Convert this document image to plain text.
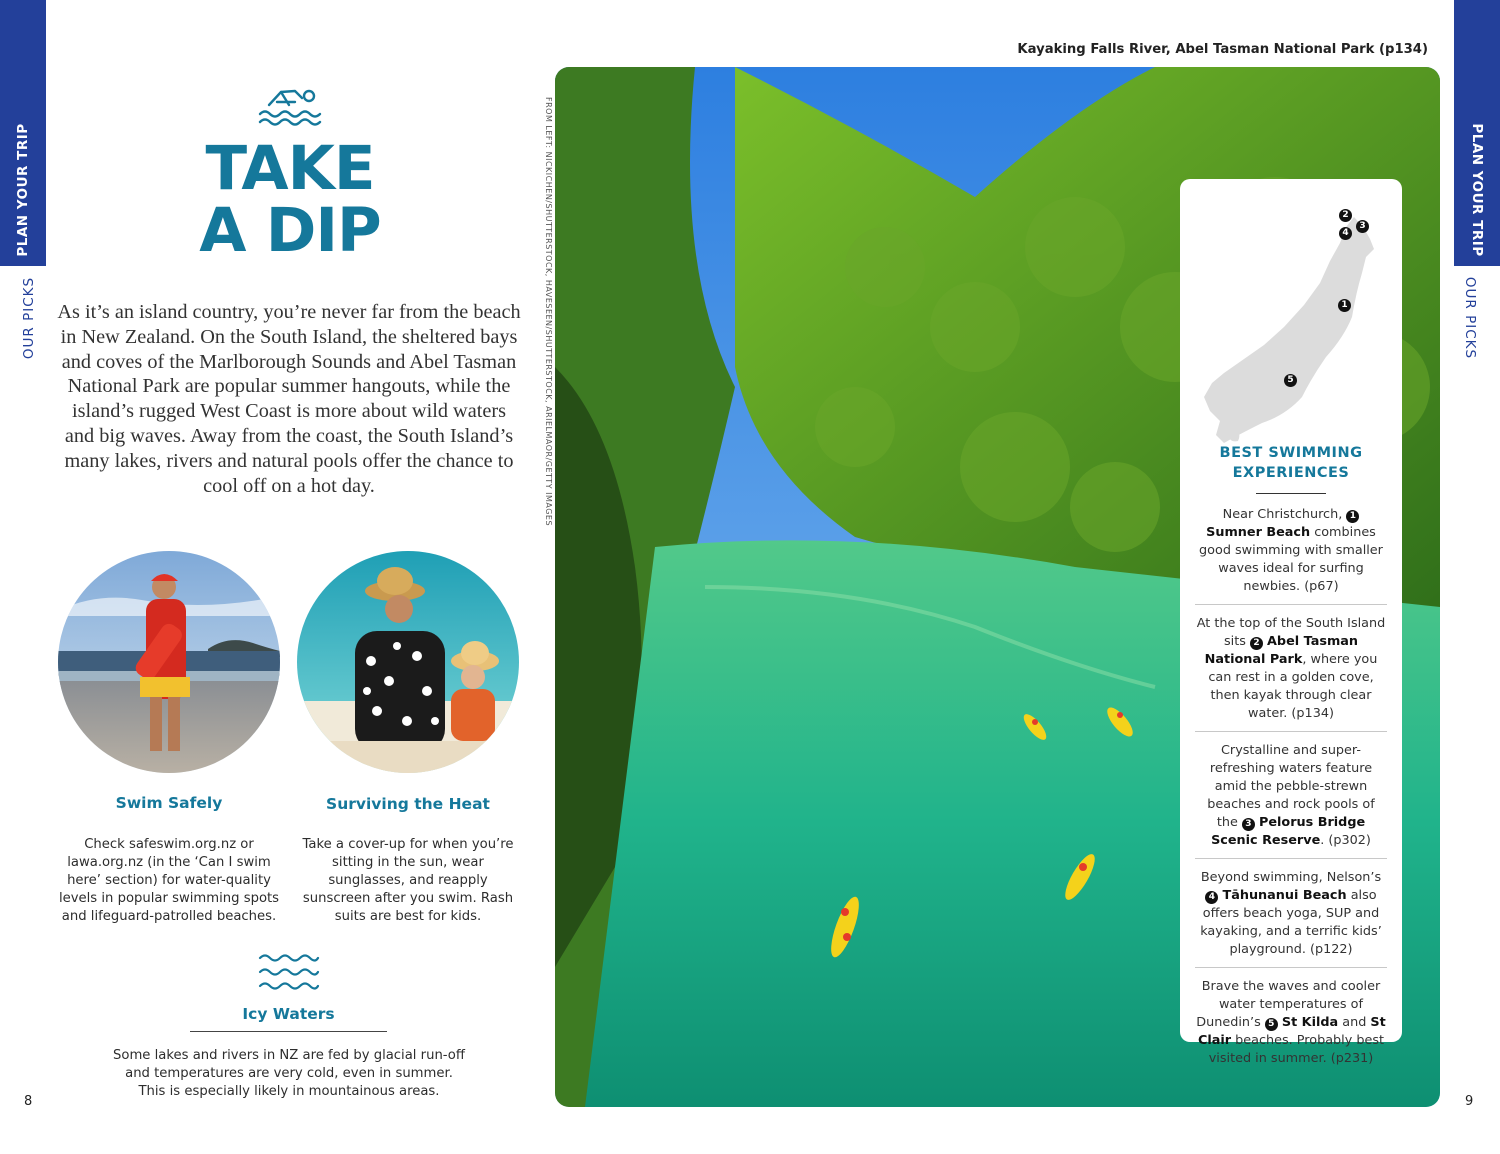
PLAN YOUR TRIP
OUR PICKS
PLAN YOUR TRIP
OUR PICKS
8	9
TAKE
A DIP

As it’s an island country, you’re never far from the beach in New Zealand. On the South Island, the sheltered bays and coves of the Marlborough Sounds and Abel Tasman National Park are popular summer hangouts, while the island’s rugged West Coast is more about wild waters and big waves. Away from the coast, the South Island’s many lakes, rivers and natural pools offer the chance to cool off on a hot day.

Swim Safely

Check safeswim.org.nz or lawa.org.nz (in the ‘Can I swim here’ section) for water-quality levels in popular swimming spots and lifeguard-patrolled beaches.

Surviving the Heat

Take a cover-up for when you’re sitting in the sun, wear sunglasses, and reapply sunscreen after you swim. Rash suits are best for kids.

Icy Waters

Some lakes and rivers in NZ are fed by glacial run-off and temperatures are very cold, even in summer. This is especially likely in mountainous areas.

FROM LEFT: NICKICHEN/SHUTTERSTOCK, HAVESEEN/SHUTTERSTOCK, ARIELMAOR/GETTY IMAGES

Kayaking Falls River, Abel Tasman National Park (p134)

2
3
4
1
5
BEST SWIMMING
EXPERIENCES

Near Christchurch, 1 Sumner Beach combines good swimming with smaller waves ideal for surfing newbies. (p67)

At the top of the South Island sits 2 Abel Tasman National Park, where you can rest in a golden cove, then kayak through clear water. (p134)

Crystalline and super-refreshing waters feature amid the pebble-strewn beaches and rock pools of the 3 Pelorus Bridge Scenic Reserve. (p302)

Beyond swimming, Nelson’s 4 Tāhunanui Beach also offers beach yoga, SUP and kayaking, and a terrific kids’ playground. (p122)

Brave the waves and cooler water temperatures of Dunedin’s 5 St Kilda and St Clair beaches. Probably best visited in summer. (p231)
